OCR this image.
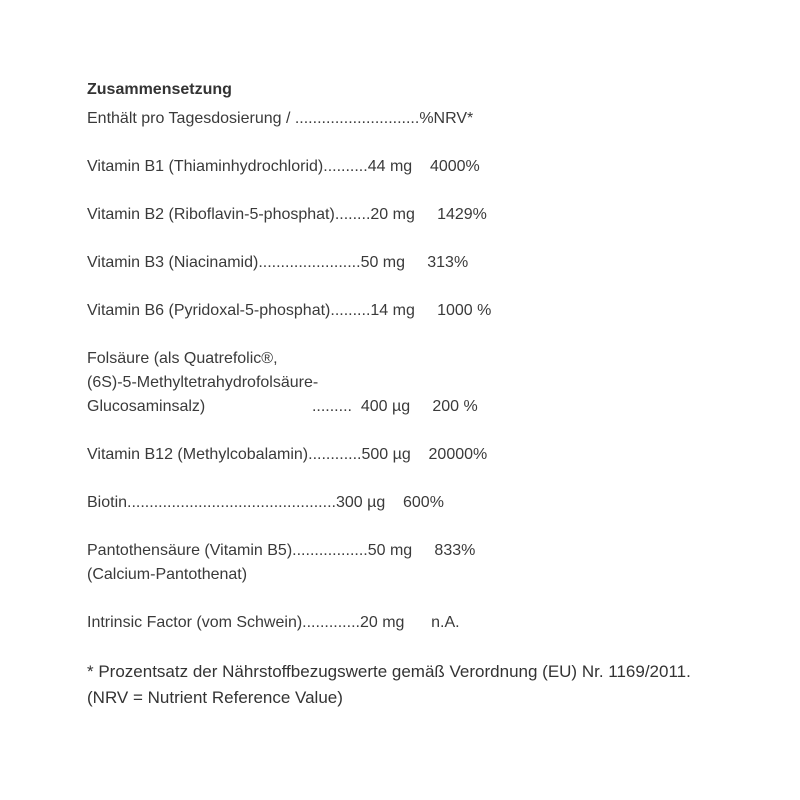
Zusammensetzung
Enthält pro Tagesdosierung / ............................%NRV*
Vitamin B1 (Thiaminhydrochlorid)..........44 mg    4000%
Vitamin B2 (Riboflavin-5-phosphat)........20 mg     1429%
Vitamin B3 (Niacinamid).......................50 mg     313%
Vitamin B6 (Pyridoxal-5-phosphat).........14 mg     1000 %
Folsäure (als Quatrefolic®,
(6S)-5-Methyltetrahydrofolsäure-
Glucosaminsalz)                        .........  400 µg     200 %
Vitamin B12 (Methylcobalamin)............500 µg    20000%
Biotin...............................................300 µg    600%
Pantothensäure (Vitamin B5).................50 mg     833%
(Calcium-Pantothenat)
Intrinsic Factor (vom Schwein).............20 mg      n.A.

* Prozentsatz der Nährstoffbezugswerte gemäß Verordnung (EU) Nr. 1169/2011. (NRV = Nutrient Reference Value)
